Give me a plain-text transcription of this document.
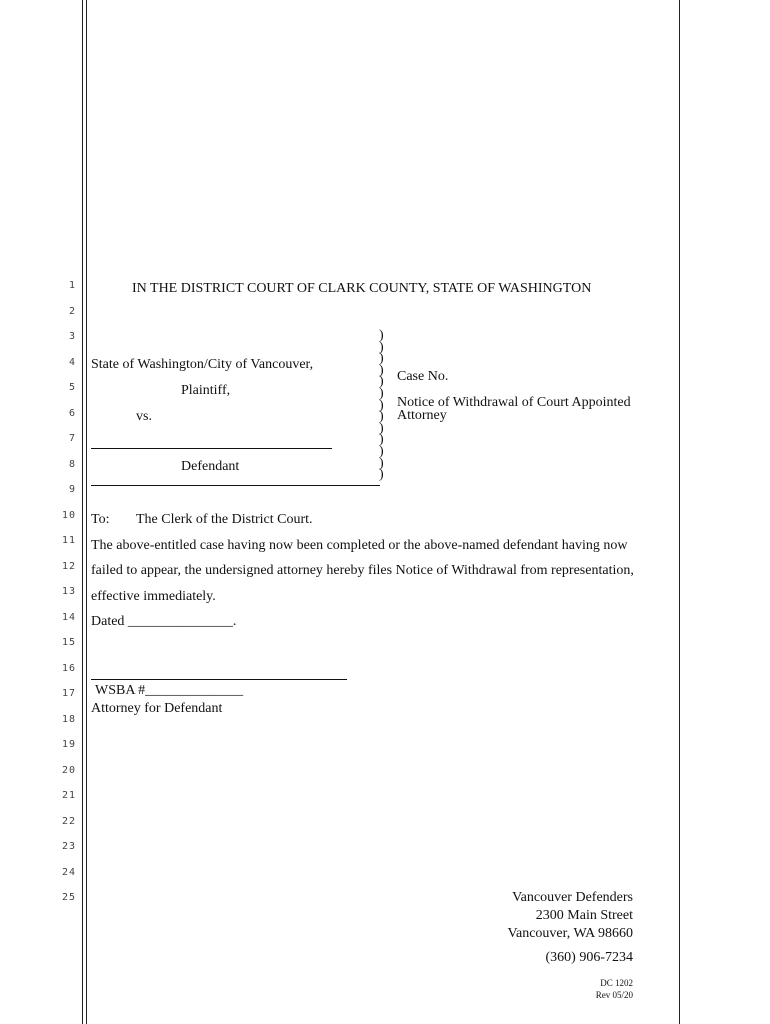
1
2
3
4
5
6
7
8
9
10
11
12
13
14
15
16
17
18
19
20
21
22
23
24
25
IN THE DISTRICT COURT OF CLARK COUNTY, STATE OF WASHINGTON
State of Washington/City of Vancouver,
Plaintiff,
vs.
Defendant
)
)
)
)
)
)
)
)
)
)
)
)
)
Case No.
Notice of Withdrawal of Court Appointed
Attorney
To: The Clerk of the District Court.
The above-entitled case having now been completed or the above-named defendant having now
failed to appear, the undersigned attorney hereby files Notice of Withdrawal from representation,
effective immediately.
Dated _______________.
WSBA #______________
Attorney for Defendant
Vancouver Defenders
2300 Main Street
Vancouver, WA 98660
(360) 906-7234
DC 1202
Rev 05/20
